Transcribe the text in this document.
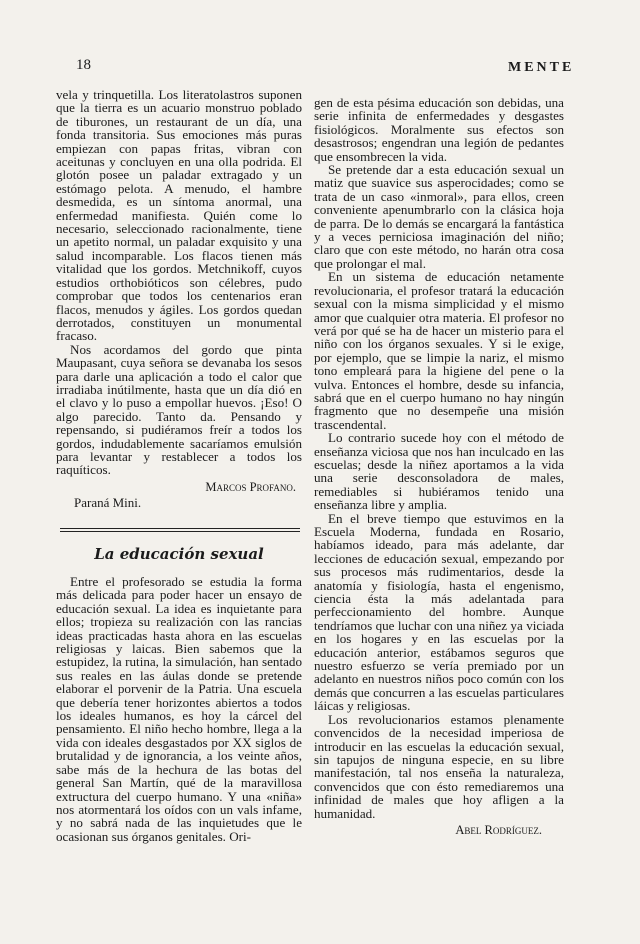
18	MENTE

vela y trinquetilla. Los literatolastros suponen que la tierra es un acuario monstruo poblado de tiburones, un restaurant de un día, una fonda transitoria. Sus emociones más puras empiezan con papas fritas, vibran con aceitunas y concluyen en una olla podrida. El glotón posee un paladar extragado y un estómago pelota. A menudo, el hambre desmedida, es un síntoma anormal, una enfermedad manifiesta. Quién come lo necesario, seleccionado racionalmente, tiene un apetito normal, un paladar exquisito y una salud incomparable. Los flacos tienen más vitalidad que los gordos. Metchnikoff, cuyos estudios orthobióticos son célebres, pudo comprobar que todos los centenarios eran flacos, menudos y ágiles. Los gordos quedan derrotados, constituyen un monumental fracaso.

Nos acordamos del gordo que pinta Maupasant, cuya señora se devanaba los sesos para darle una aplicación a todo el calor que irradiaba inútilmente, hasta que un día dió en el clavo y lo puso a empollar huevos. ¡Eso! O algo parecido. Tanto da. Pensando y repensando, si pudiéramos freír a todos los gordos, indudablemente sacaríamos emulsión para levantar y restablecer a todos los raquíticos.

Marcos Profano.
Paraná Mini.
La educación sexual

Entre el profesorado se estudia la forma más delicada para poder hacer un ensayo de educación sexual. La idea es inquietante para ellos; tropieza su realización con las rancias ideas practicadas hasta ahora en las escuelas religiosas y laicas. Bien sabemos que la estupidez, la rutina, la simulación, han sentado sus reales en las áulas donde se pretende elaborar el porvenir de la Patria. Una escuela que debería tener horizontes abiertos a todos los ideales humanos, es hoy la cárcel del pensamiento. El niño hecho hombre, llega a la vida con ideales desgastados por XX siglos de brutalidad y de ignorancia, a los veinte años, sabe más de la hechura de las botas del general San Martín, qué de la maravillosa extructura del cuerpo humano. Y una «niña» nos atormentará los oídos con un vals infame, y no sabrá nada de las inquietudes que le ocasionan sus órganos genitales. Ori-

gen de esta pésima educación son debidas, una serie infinita de enfermedades y desgastes fisiológicos. Moralmente sus efectos son desastrosos; engendran una legión de pedantes que ensombrecen la vida.

Se pretende dar a esta educación sexual un matiz que suavice sus asperocidades; como se trata de un caso «inmoral», para ellos, creen conveniente apenumbrarlo con la clásica hoja de parra. De lo demás se encargará la fantástica y a veces perniciosa imaginación del niño; claro que con este método, no harán otra cosa que prolongar el mal.

En un sistema de educación netamente revolucionaria, el profesor tratará la educación sexual con la misma simplicidad y el mismo amor que cualquier otra materia. El profesor no verá por qué se ha de hacer un misterio para el niño con los órganos sexuales. Y si le exige, por ejemplo, que se limpie la nariz, el mismo tono empleará para la higiene del pene o la vulva. Entonces el hombre, desde su infancia, sabrá que en el cuerpo humano no hay ningún fragmento que no desempeñe una misión trascendental.

Lo contrario sucede hoy con el método de enseñanza viciosa que nos han inculcado en las escuelas; desde la niñez aportamos a la vida una serie desconsoladora de males, remediables si hubiéramos tenido una enseñanza libre y amplia.

En el breve tiempo que estuvimos en la Escuela Moderna, fundada en Rosario, habíamos ideado, para más adelante, dar lecciones de educación sexual, empezando por sus procesos más rudimentarios, desde la anatomía y fisiología, hasta el engenismo, ciencia ésta la más adelantada para perfeccionamiento del hombre. Aunque tendríamos que luchar con una niñez ya viciada en los hogares y en las escuelas por la educación anterior, estábamos seguros que nuestro esfuerzo se vería premiado por un adelanto en nuestros niños poco común con los demás que concurren a las escuelas particulares láicas y religiosas.

Los revolucionarios estamos plenamente convencidos de la necesidad imperiosa de introducir en las escuelas la educación sexual, sin tapujos de ninguna especie, en su libre manifestación, tal nos enseña la naturaleza, convencidos que con ésto remediaremos una infinidad de males que hoy afligen a la humanidad.

Abel Rodríguez.
